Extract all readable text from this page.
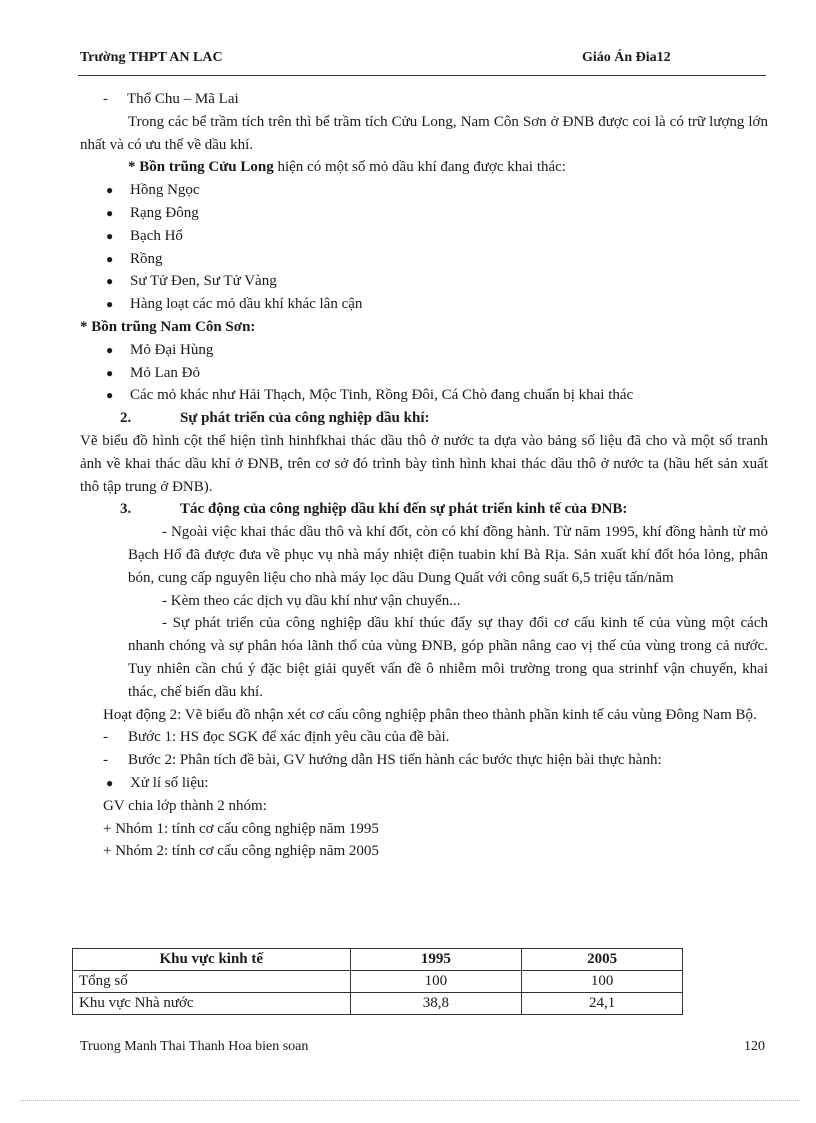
Trường THPT AN LAC	Giáo Án Đia12
-	Thổ Chu – Mã Lai

Trong các bể trầm tích trên thì bể trầm tích Cửu Long, Nam Côn Sơn ở ĐNB được coi là có trữ lượng lớn nhất và có ưu thế về dầu khí.

* Bồn trũng Cửu Long hiện có một số mỏ dầu khí đang được khai thác:

●	Hồng Ngọc
●	Rạng Đông
●	Bạch Hổ
●	Rồng
●	Sư Tử Đen, Sư Tử Vàng
●	Hàng loạt các mỏ dầu khí khác lân cận

* Bồn trũng Nam Côn Sơn:

●	Mỏ Đại Hùng
●	Mỏ Lan Đỏ
●	Các mỏ khác như Hải Thạch, Mộc Tinh, Rồng Đôi, Cá Chò đang chuẩn bị khai thác
2.	Sự phát triển của công nghiệp dầu khí:

Vẽ biểu đồ hình cột thể hiện tình hinhfkhai thác dầu thô ở nước ta dựa vào bảng số liệu đã cho và một số tranh ảnh về khai thác dầu khí ở ĐNB, trên cơ sở đó trình bày tình hình khai thác dầu thô ở nước ta (hầu hết sản xuất thô tập trung ở ĐNB).

3.	Tác động của công nghiệp dầu khí đến sự phát triển kinh tế của ĐNB:

- Ngoài việc khai thác dầu thô và khí đốt, còn có khí đồng hành. Từ năm 1995, khí đồng hành từ mỏ Bạch Hổ đã được đưa về phục vụ nhà máy nhiệt điện tuabin khí Bà Rịa. Sản xuất khí đốt hóa lỏng, phân bón, cung cấp nguyên liệu cho nhà máy lọc dầu Dung Quất với công suất 6,5 triệu tấn/năm

- Kèm theo các dịch vụ dầu khí như vận chuyển...

- Sự phát triển của công nghiệp dầu khí thúc đẩy sự thay đổi cơ cấu kinh tế của vùng một cách nhanh chóng và sự phân hóa lãnh thổ của vùng ĐNB, góp phần nâng cao vị thế của vùng trong cả nước. Tuy nhiên cần chú ý đặc biệt giải quyết vấn đề ô nhiễm môi trường trong qua strinhf vận chuyển, khai thác, chế biến dầu khí.

Hoạt động 2: Vẽ biểu đồ nhận xét cơ cấu công nghiệp phân theo thành phần kinh tế cảu vùng Đông Nam Bộ.

-	Bước 1: HS đọc SGK để xác định yêu cầu của đề bài.
-	Bước 2: Phân tích đề bài, GV hướng dẫn HS tiến hành các bước thực hiện bài thực hành:
●	Xử lí số liệu:

GV chia lớp thành 2 nhóm:

+ Nhóm 1: tính cơ cấu công nghiệp năm 1995

+ Nhóm 2: tính cơ cấu công nghiệp năm 2005

Khu vực kinh tế	1995	2005
Tổng số	100	100
Khu vực Nhà nước	38,8	24,1
Truong Manh Thai Thanh Hoa bien soan	120
